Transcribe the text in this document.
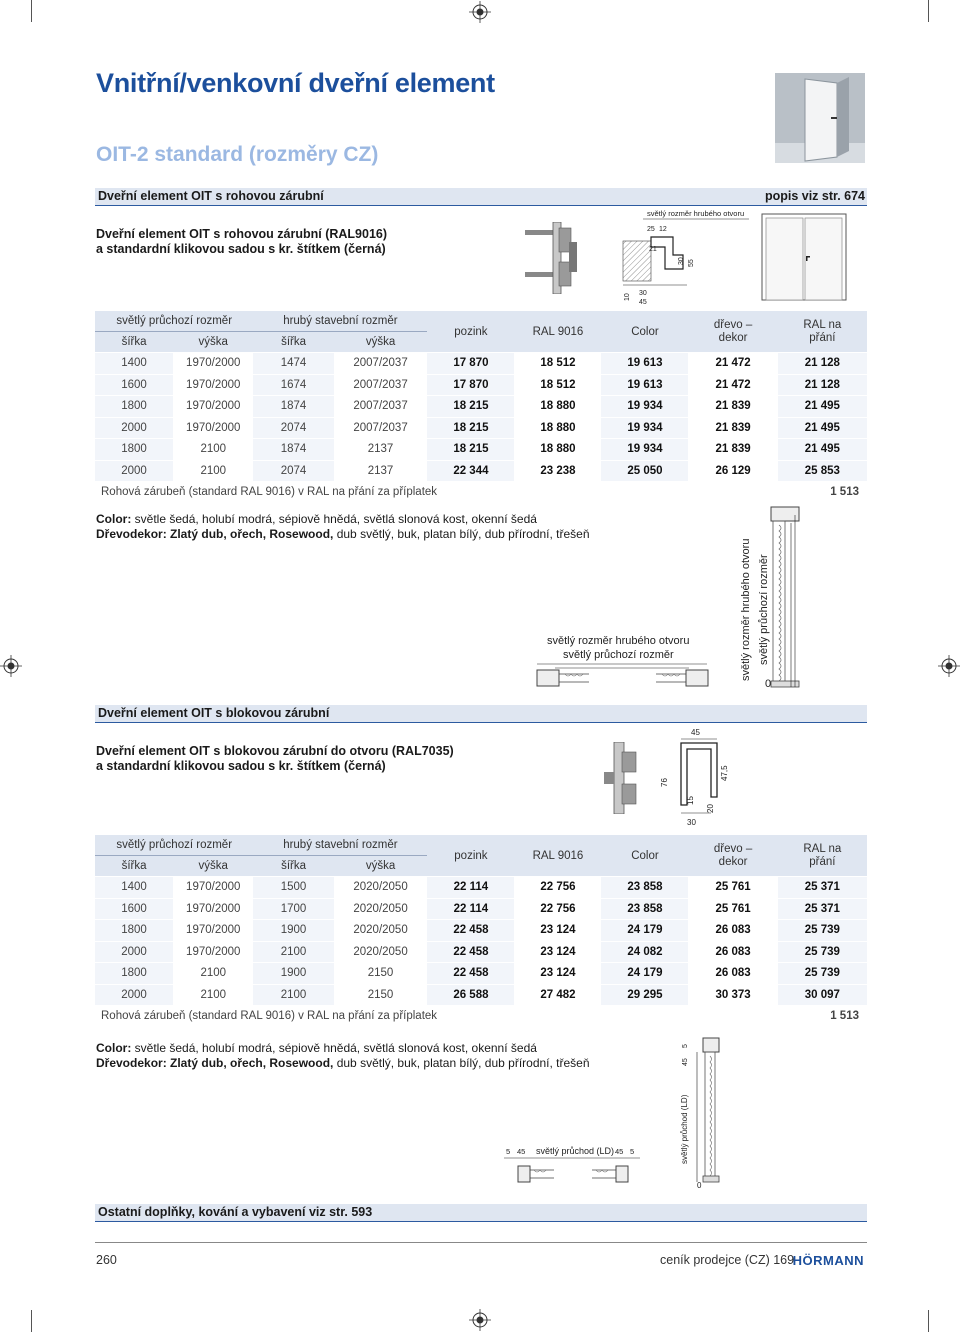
Vnitřní/venkovní dveřní element
OIT-2 standard (rozměry CZ)
Dveřní element OIT s rohovou zárubní	popis viz str. 674
Dveřní element OIT s rohovou zárubní (RAL9016)
a standardní klikovou sadou s kr. štítkem (černá)
světlý rozměr hrubého otvoru
25 12
21
30 55
10 30
45
světlý průchozí rozměr		hrubý stavební rozměr		pozink	RAL 9016	Color	dřevo – dekor	RAL na přání
šířka	výška	šířka	výška					
1400	1970/2000	1474	2007/2037	17 870	18 512	19 613	21 472	21 128
1600	1970/2000	1674	2007/2037	17 870	18 512	19 613	21 472	21 128
1800	1970/2000	1874	2007/2037	18 215	18 880	19 934	21 839	21 495
2000	1970/2000	2074	2007/2037	18 215	18 880	19 934	21 839	21 495
1800	2100	1874	2137	18 215	18 880	19 934	21 839	21 495
2000	2100	2074	2137	22 344	23 238	25 050	26 129	25 853
Rohová zárubeň (standard RAL 9016) v RAL na přání za příplatek								1 513
Color: světle šedá, holubí modrá, sépiově hnědá, světlá slonová kost, okenní šedá
Dřevodekor: Zlatý dub, ořech, Rosewood, dub světlý, buk, platan bílý, dub přírodní, třešeň
světlý rozměr hrubého otvoru
světlý průchozí rozměr	světlý rozměr hrubého otvoru světlý průchozí rozměr
0
Dveřní element OIT s blokovou zárubní
Dveřní element OIT s blokovou zárubní do otvoru (RAL7035)
a standardní klikovou sadou s kr. štítkem (černá)
45
76
15
20
47,5
30
světlý průchozí rozměr		hrubý stavební rozměr		pozink	RAL 9016	Color	dřevo – dekor	RAL na přání
šířka	výška	šířka	výška					
1400	1970/2000	1500	2020/2050	22 114	22 756	23 858	25 761	25 371
1600	1970/2000	1700	2020/2050	22 114	22 756	23 858	25 761	25 371
1800	1970/2000	1900	2020/2050	22 458	23 124	24 179	26 083	25 739
2000	1970/2000	2100	2020/2050	22 458	23 124	24 082	26 083	25 739
1800	2100	1900	2150	22 458	23 124	24 179	26 083	25 739
2000	2100	2100	2150	26 588	27 482	29 295	30 373	30 097
Rohová zárubeň (standard RAL 9016) v RAL na přání za příplatek								1 513
Color: světle šedá, holubí modrá, sépiově hnědá, světlá slonová kost, okenní šedá
Dřevodekor: Zlatý dub, ořech, Rosewood, dub světlý, buk, platan bílý, dub přírodní, třešeň
5 45 světlý průchod (LD) 45 5
45
5
světlý průchod (LD)
0
Ostatní doplňky, kování a vybavení viz str. 593
260	ceník prodejce (CZ) 169
HÖRMANN
